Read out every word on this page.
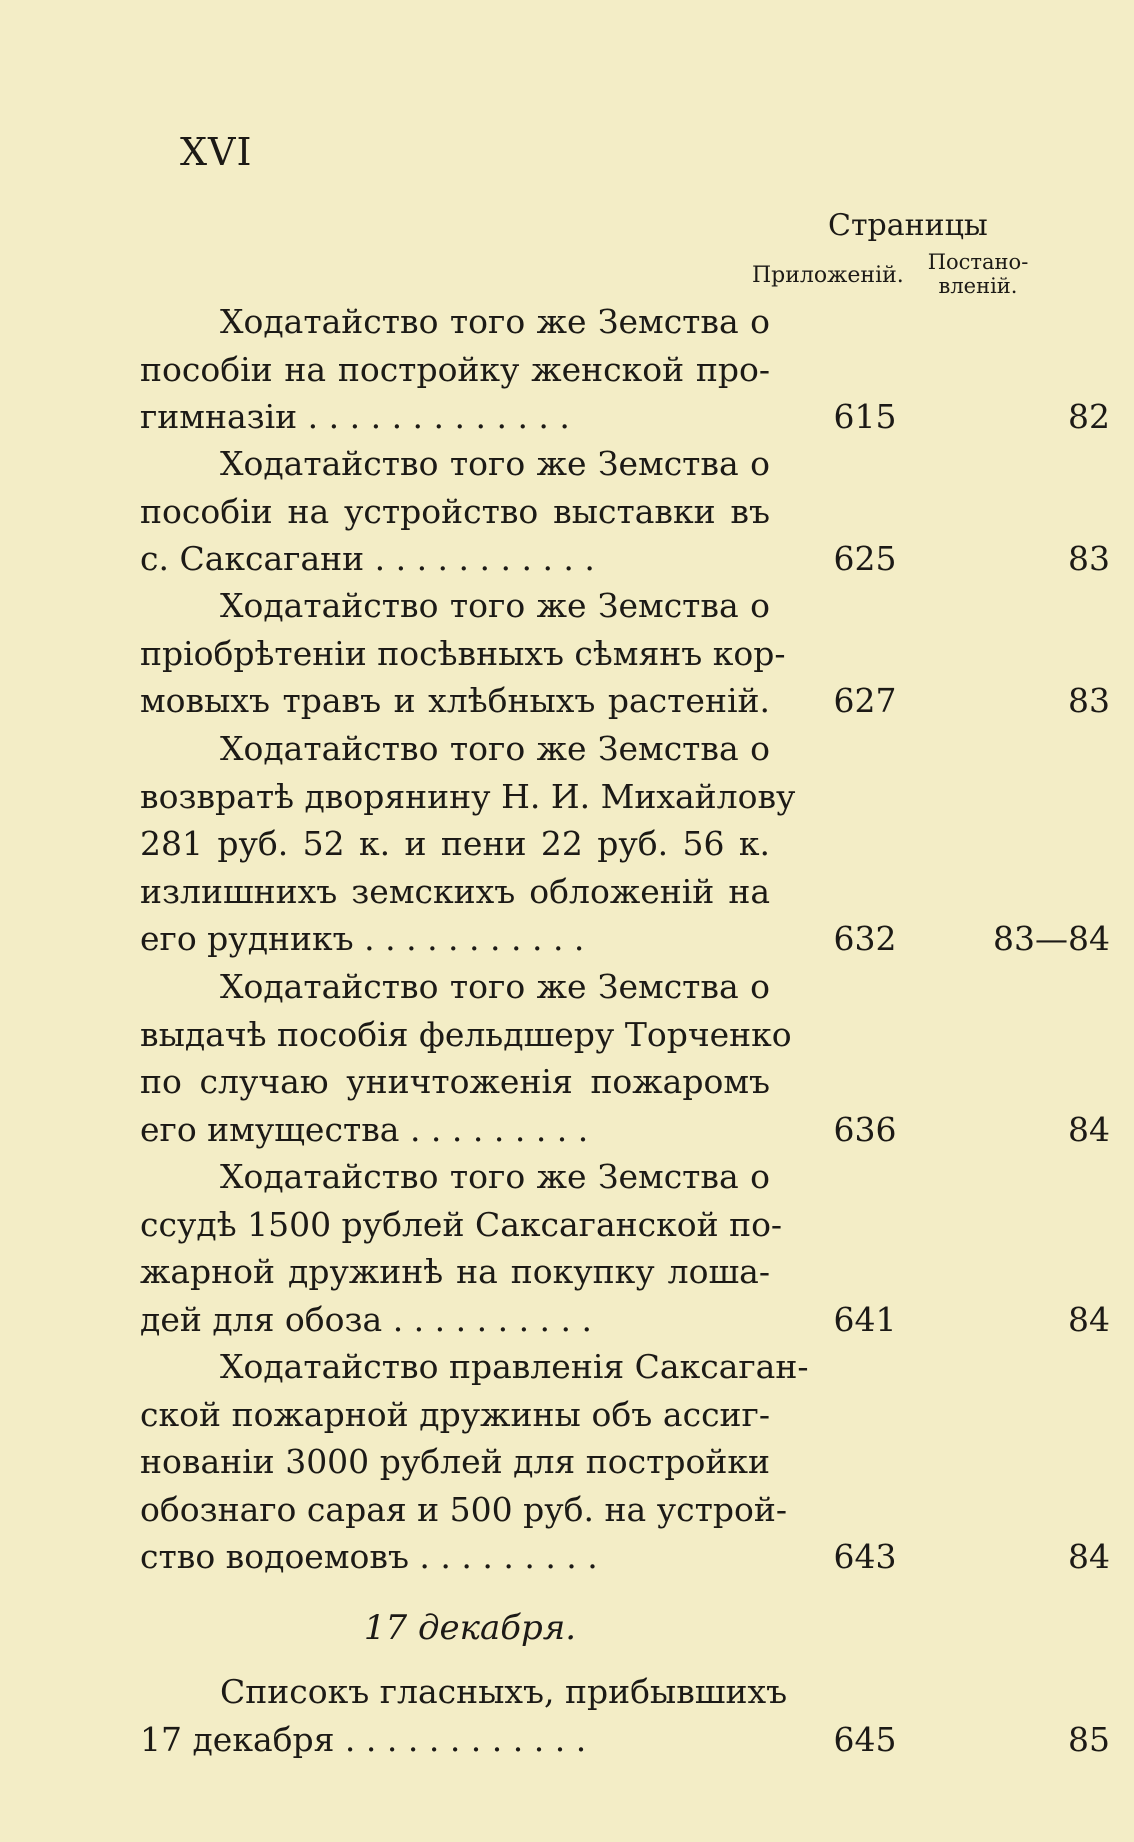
XVI
Страницы
Приложеній.
Постано-
вленій.
Ходатайство того же Земства о
пособіи на постройку женской про-
гимназіи . . . . . . . . . . . . .	615	82
Ходатайство того же Земства о
пособіи на устройство выставки въ
с. Саксагани . . . . . . . . . . .	625	83
Ходатайство того же Земства о
пріобрѣтеніи посѣвныхъ сѣмянъ кор-
мовыхъ травъ и хлѣбныхъ растеній.	627	83
Ходатайство того же Земства о
возвратѣ дворянину Н. И. Михайлову
281 руб. 52 к. и пени 22 руб. 56 к.
излишнихъ земскихъ обложеній на
его рудникъ . . . . . . . . . . .	632	83—84
Ходатайство того же Земства о
выдачѣ пособія фельдшеру Торченко
по случаю уничтоженія пожаромъ
его имущества . . . . . . . . .	636	84
Ходатайство того же Земства о
ссудѣ 1500 рублей Саксаганской по-
жарной дружинѣ на покупку лоша-
дей для обоза . . . . . . . . . .	641	84
Ходатайство правленія Саксаган-
ской пожарной дружины объ ассиг-
нованіи 3000 рублей для постройки
обознаго сарая и 500 руб. на устрой-
ство водоемовъ . . . . . . . . .	643	84
17 декабря.
Списокъ гласныхъ, прибывшихъ
17 декабря . . . . . . . . . . . .	645	85
